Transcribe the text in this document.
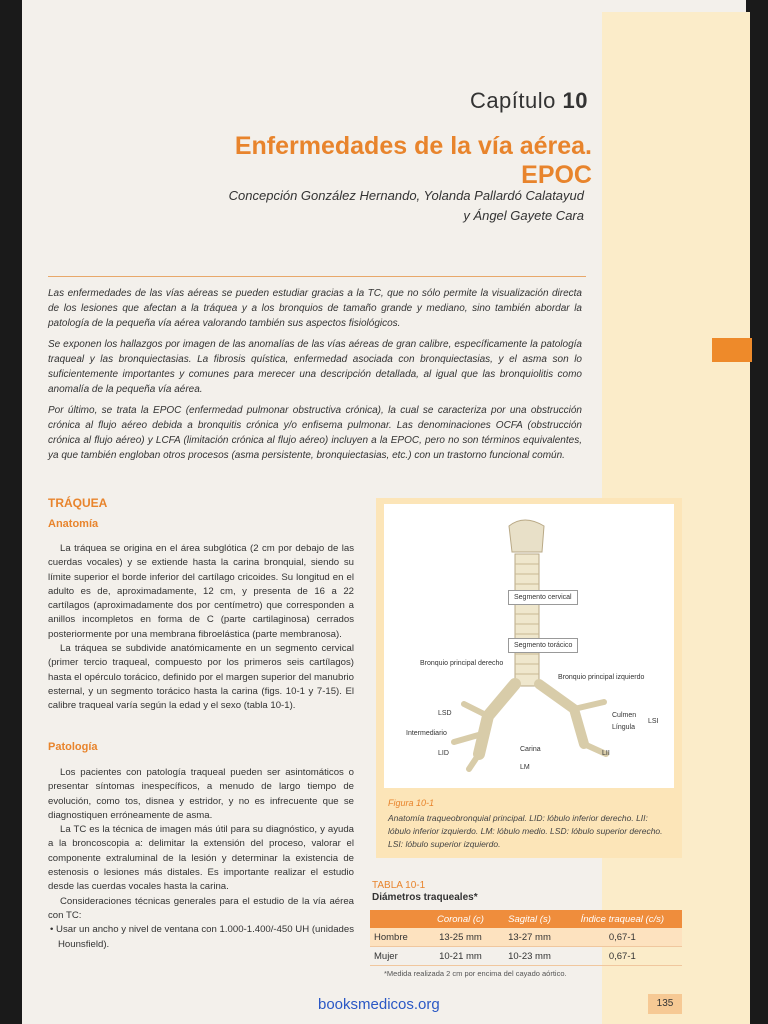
Capítulo 10
Enfermedades de la vía aérea. EPOC
Concepción González Hernando, Yolanda Pallardó Calatayud
y Ángel Gayete Cara

Las enfermedades de las vías aéreas se pueden estudiar gracias a la TC, que no sólo permite la visualización directa de los lesiones que afectan a la tráquea y a los bronquios de tamaño grande y mediano, sino también abordar la patología de la pequeña vía aérea valorando también sus aspectos fisiológicos.

Se exponen los hallazgos por imagen de las anomalías de las vías aéreas de gran calibre, específicamente la patología traqueal y las bronquiectasias. La fibrosis quística, enfermedad asociada con bronquiectasias, y el asma son lo suficientemente importantes y comunes para merecer una descripción detallada, al igual que las bronquiolitis como anomalía de la pequeña vía aérea.

Por último, se trata la EPOC (enfermedad pulmonar obstructiva crónica), la cual se caracteriza por una obstrucción crónica al flujo aéreo debida a bronquitis crónica y/o enfisema pulmonar. Las denominaciones OCFA (obstrucción crónica al flujo aéreo) y LCFA (limitación crónica al flujo aéreo) incluyen a la EPOC, pero no son términos equivalentes, ya que también engloban otros procesos (asma persistente, bronquiectasias, etc.) con un trastorno funcional común.

TRÁQUEA
Anatomía

La tráquea se origina en el área subglótica (2 cm por debajo de las cuerdas vocales) y se extiende hasta la carina bronquial, siendo su límite superior el borde inferior del cartílago cricoides. Su longitud en el adulto es de, aproximadamente, 12 cm, y presenta de 16 a 22 cartílagos (aproximadamente dos por centímetro) que corresponden a anillos incompletos en forma de C (parte cartilaginosa) cerrados posteriormente por una membrana fibroelástica (parte membranosa).

La tráquea se subdivide anatómicamente en un segmento cervical (primer tercio traqueal, compuesto por los primeros seis cartílagos) hasta el opérculo torácico, definido por el margen superior del manubrio esternal, y un segmento torácico hasta la carina (figs. 10-1 y 7-15). El calibre traqueal varía según la edad y el sexo (tabla 10-1).

Patología

Los pacientes con patología traqueal pueden ser asintomáticos o presentar síntomas inespecíficos, a menudo de largo tiempo de evolución, como tos, disnea y estridor, y no es infrecuente que se diagnostiquen erróneamente de asma.

La TC es la técnica de imagen más útil para su diagnóstico, y ayuda a la broncoscopia a: delimitar la extensión del proceso, valorar el componente extraluminal de la lesión y determinar la existencia de estenosis o lesiones más distales. Es importante realizar el estudio desde las cuerdas vocales hasta la carina.

Consideraciones técnicas generales para el estudio de la vía aérea con TC:

• Usar un ancho y nivel de ventana con 1.000-1.400/-450 UH (unidades Hounsfield).

Segmento cervical
Segmento torácico
Bronquio principal derecho
Bronquio principal izquierdo
LSD
Intermediario
LID
Carina
LM
Culmen
Língula
LSI
LII
Figura 10-1
Anatomía traqueobronquial principal. LID: lóbulo inferior derecho. LII: lóbulo inferior izquierdo. LM: lóbulo medio. LSD: lóbulo superior derecho. LSI: lóbulo superior izquierdo.
TABLA 10-1
Diámetros traqueales*
	Coronal (c)	Sagital (s)	Índice traqueal (c/s)
Hombre	13-25 mm	13-27 mm	0,67-1
Mujer	10-21 mm	10-23 mm	0,67-1
*Medida realizada 2 cm por encima del cayado aórtico.
booksmedicos.org	135
